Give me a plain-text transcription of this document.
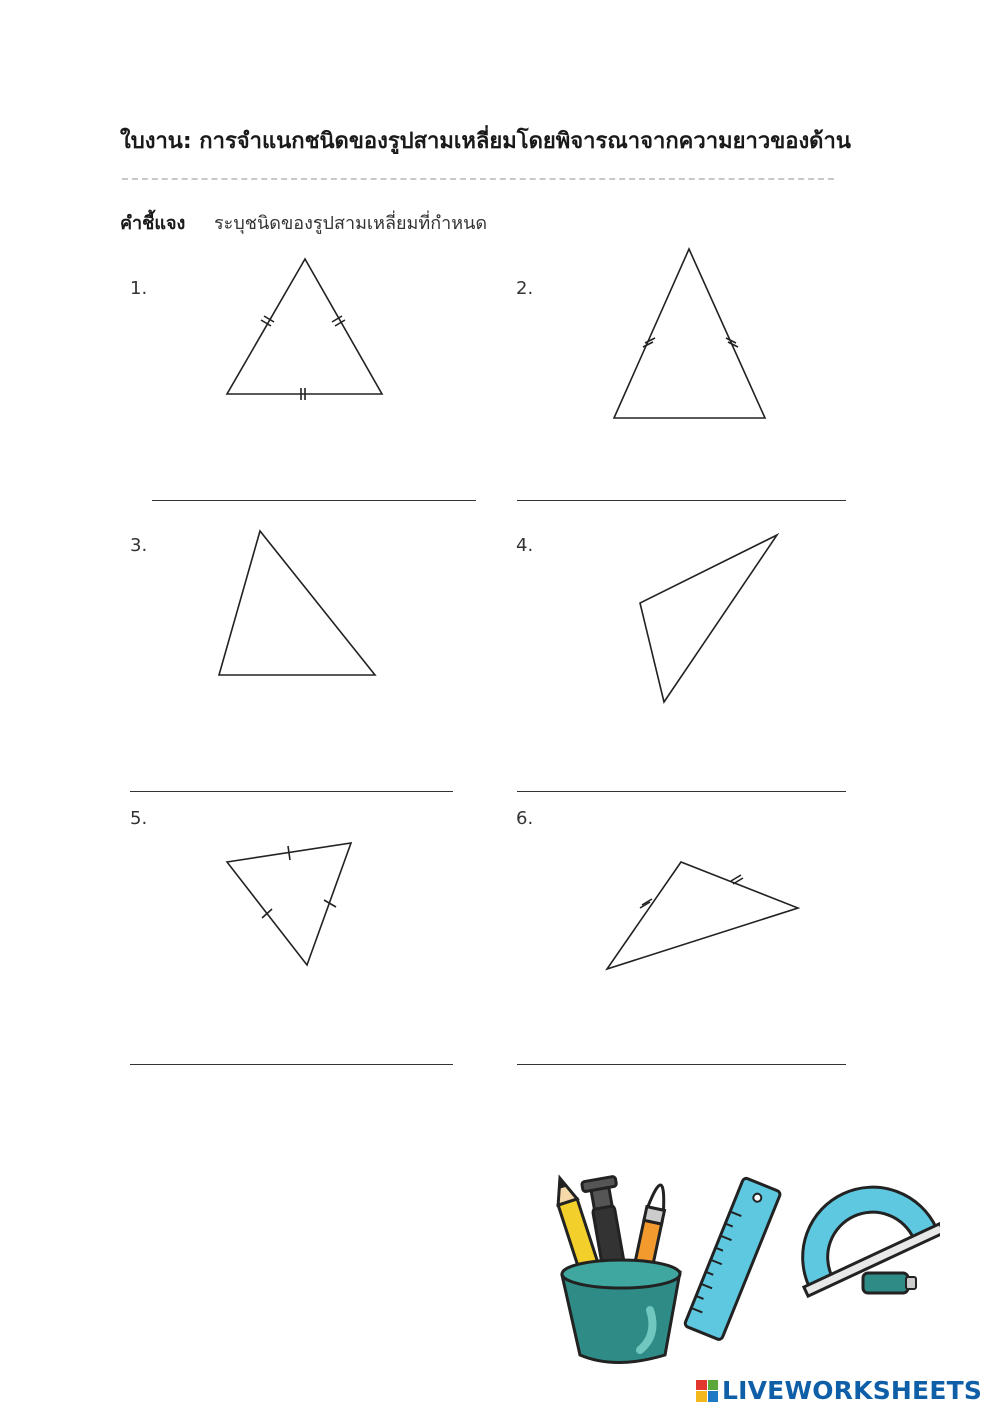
ใบงาน: การจำแนกชนิดของรูปสามเหลี่ยมโดยพิจารณาจากความยาวของด้าน
คำชี้แจง ระบุชนิดของรูปสามเหลี่ยมที่กำหนด
1.	2.
3.	4.
5.	6.
LIVEWORKSHEETS
